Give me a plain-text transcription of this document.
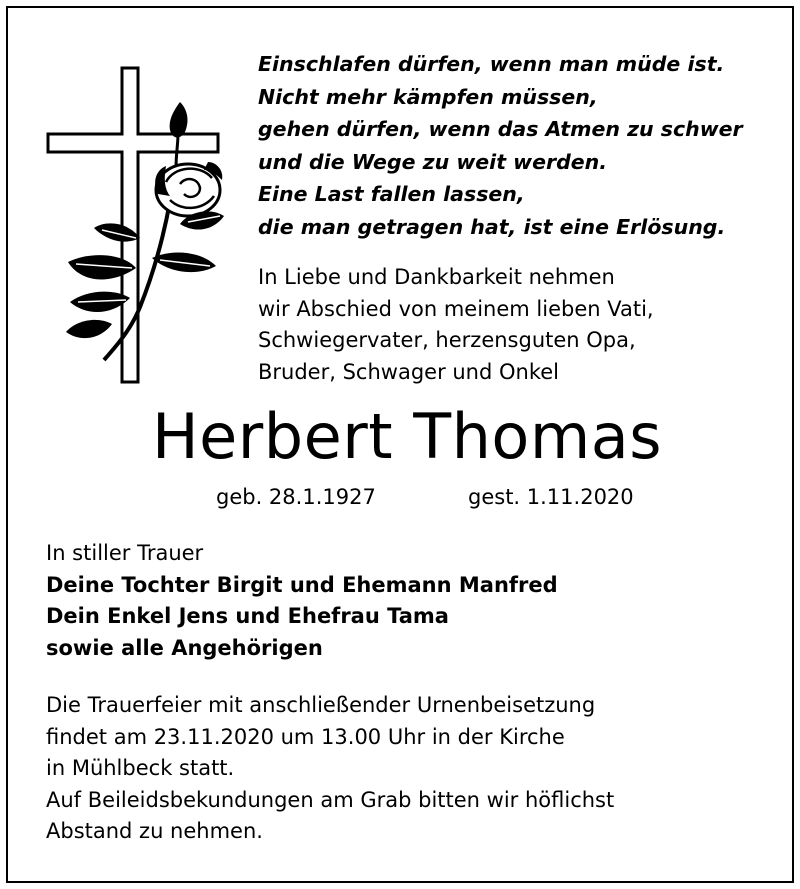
Einschlafen dürfen, wenn man müde ist.
Nicht mehr kämpfen müssen,
gehen dürfen, wenn das Atmen zu schwer
und die Wege zu weit werden.
Eine Last fallen lassen,
die man getragen hat, ist eine Erlösung.
In Liebe und Dankbarkeit nehmen
wir Abschied von meinem lieben Vati,
Schwiegervater, herzensguten Opa,
Bruder, Schwager und Onkel
Herbert Thomas
geb. 28.1.1927	gest. 1.11.2020
In stiller Trauer
Deine Tochter Birgit und Ehemann Manfred
Dein Enkel Jens und Ehefrau Tama
sowie alle Angehörigen
Die Trauerfeier mit anschließender Urnenbeisetzung
findet am 23.11.2020 um 13.00 Uhr in der Kirche
in Mühlbeck statt.
Auf Beileidsbekundungen am Grab bitten wir höflichst
Abstand zu nehmen.
